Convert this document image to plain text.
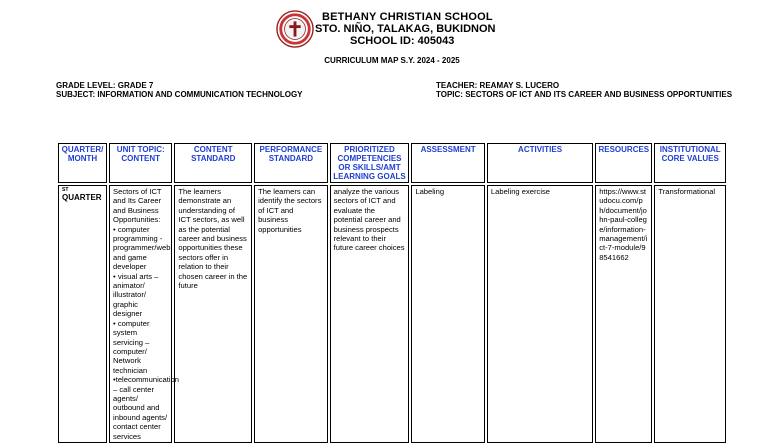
BETHANY CHRISTIAN SCHOOL
STO. NIÑO, TALAKAG, BUKIDNON
SCHOOL ID: 405043
CURRICULUM MAP S.Y. 2024 - 2025
GRADE LEVEL: GRADE 7
SUBJECT: INFORMATION AND COMMUNICATION TECHNOLOGY
TEACHER: REAMAY S. LUCERO
TOPIC: SECTORS OF ICT AND ITS CAREER AND BUSINESS OPPORTUNITIES
QUARTER/ MONTH	UNIT TOPIC: CONTENT	CONTENT STANDARD	PERFORMANCE STANDARD	PRIORITIZED COMPETENCIES OR SKILLS/AMT LEARNING GOALS	ASSESSMENT	ACTIVITIES	RESOURCES	INSTITUTIONAL CORE VALUES

ST
QUARTER	Sectors of ICT and Its Career and Business Opportunities:
• computer programming - programmer/web and game developer
• visual arts – animator/ illustrator/ graphic designer
• computer system servicing – computer/ Network technician
•telecommunication – call center agents/ outbound and inbound agents/ contact center services	The learners demonstrate an understanding of ICT sectors, as well as the potential career and business opportunities these sectors offer in relation to their chosen career in the future	The learners can identify the sectors of ICT and business opportunities	analyze the various sectors of ICT and evaluate the potential career and business prospects relevant to their future career choices	Labeling	Labeling exercise	https://www.studocu.com/ph/document/john-paul-college/information-management/ict-7-module/98541662	Transformational
